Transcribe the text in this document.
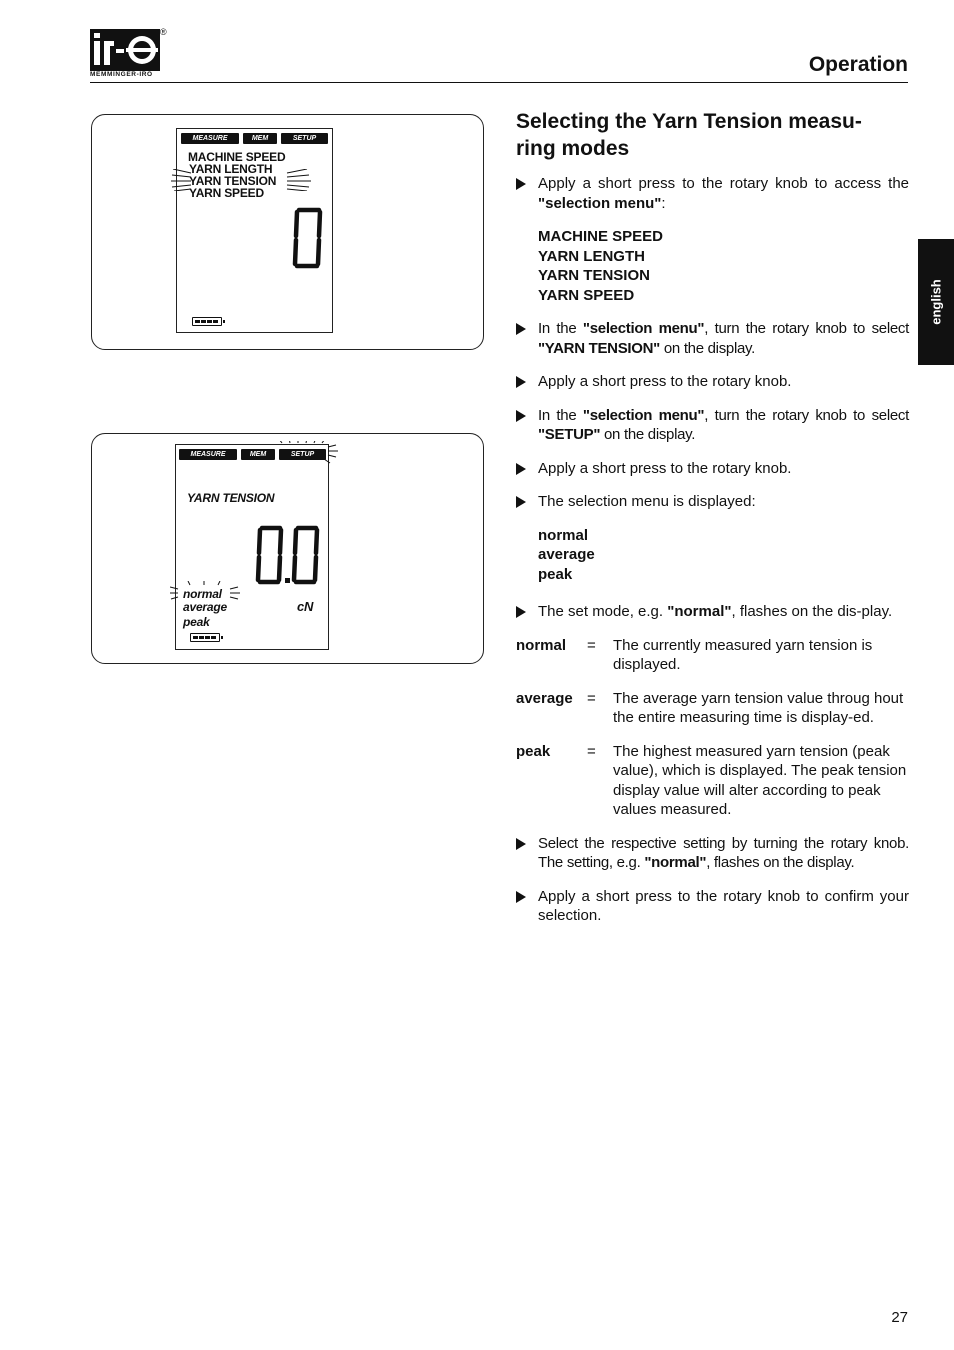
®
MEMMINGER-IRO	Operation
english
MEASURE	MEM	SETUP
MACHINE SPEED
YARN LENGTH
YARN TENSION
YARN SPEED
MEASURE	MEM	SETUP
YARN TENSION
normal
average
peak
cN
Selecting the Yarn Tension measu-
ring modes
Apply a short press to the rotary knob to access the "selection menu":
MACHINE SPEED
YARN LENGTH
YARN TENSION
YARN SPEED
In the "selection menu", turn the rotary knob to select "YARN TENSION" on the display.
Apply a short press to the rotary knob.
In the "selection menu", turn the rotary knob to select "SETUP" on the display.
Apply a short press to the rotary knob.
The selection menu is displayed:
normal
average
peak
The set mode, e.g. "normal", flashes on the dis-play.
normal	=	The currently measured yarn tension is displayed.
average =	The average yarn tension value throug hout the entire measuring time is display-ed.
peak	=	The highest measured yarn tension (peak value), which is displayed. The peak tension display value will alter according to peak values measured.
Select the respective setting by turning the rotary knob. The setting, e.g. "normal", flashes on the display.
Apply a short press to the rotary knob to confirm your selection.
27
